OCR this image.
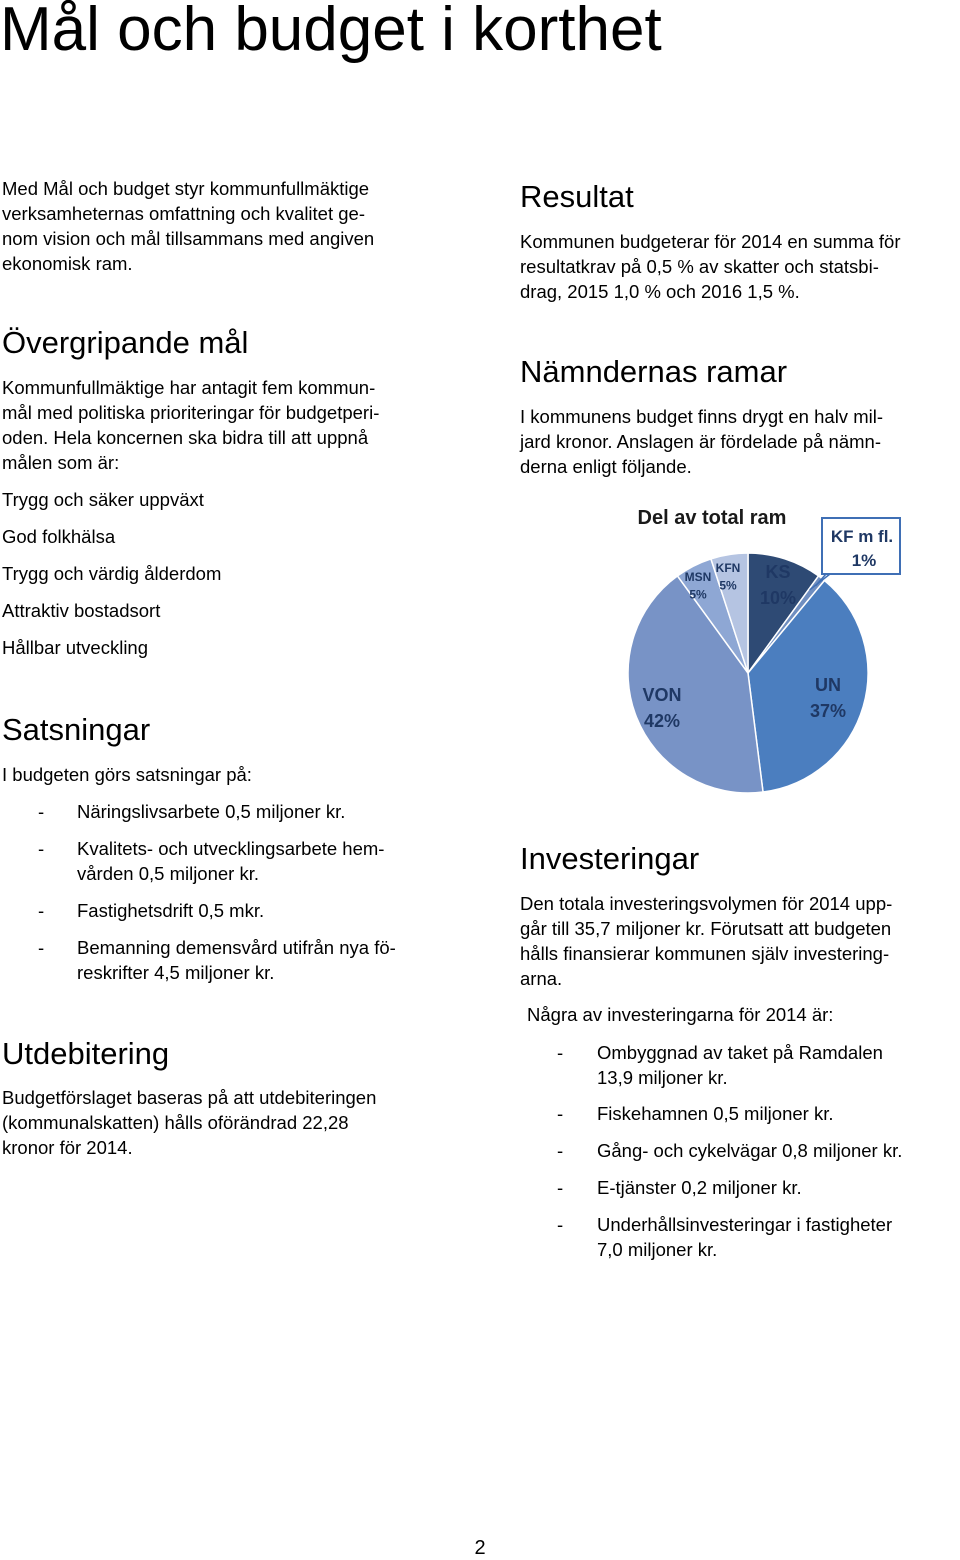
Mål och budget i korthet

Med Mål och budget styr kommunfullmäktige

verksamheternas omfattning och kvalitet ge-

nom vision och mål tillsammans med angiven

ekonomisk ram.

Övergripande mål

Kommunfullmäktige har antagit fem kommun-

mål med politiska prioriteringar för budgetperi-

oden. Hela koncernen ska bidra till att uppnå

målen som är:

Trygg och säker uppväxt

God folkhälsa

Trygg och värdig ålderdom

Attraktiv bostadsort

Hållbar utveckling

Satsningar

I budgeten görs satsningar på:

- Näringslivsarbete 0,5 miljoner kr.
- Kvalitets- och utvecklingsarbete hem-
vården 0,5 miljoner kr.
- Fastighetsdrift 0,5 mkr.
- Bemanning demensvård utifrån nya fö-
reskrifter 4,5 miljoner kr.
Utdebitering

Budgetförslaget baseras på att utdebiteringen

(kommunalskatten) hålls oförändrad 22,28

kronor för 2014.

Resultat

Kommunen budgeterar för 2014 en summa för

resultatkrav på 0,5 % av skatter och statsbi-

drag, 2015 1,0 % och 2016 1,5 %.

Nämndernas ramar

I kommunens budget finns drygt en halv mil-

jard kronor. Anslagen är fördelade på nämn-

derna enligt följande.

Del av total ram
KS
10%
KF m fl.
1%
UN
37%
VON
42%
MSN
5%
KFN
5%
Investeringar

Den totala investeringsvolymen för 2014 upp-

går till 35,7 miljoner kr. Förutsatt att budgeten

hålls finansierar kommunen själv investering-

arna.

Några av investeringarna för 2014 är:

- Ombyggnad av taket på Ramdalen
13,9 miljoner kr.
- Fiskehamnen 0,5 miljoner kr.
- Gång- och cykelvägar 0,8 miljoner kr.
- E-tjänster 0,2 miljoner kr.
- Underhållsinvesteringar i fastigheter
7,0 miljoner kr.
2
